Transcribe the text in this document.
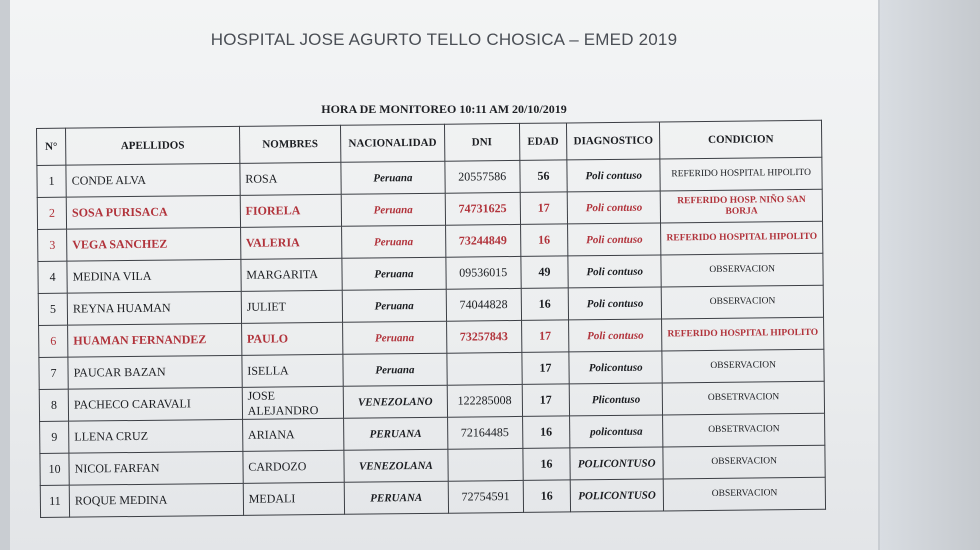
HOSPITAL JOSE AGURTO TELLO CHOSICA – EMED 2019
HORA DE MONITOREO 10:11 AM 20/10/2019
N°	APELLIDOS	NOMBRES	NACIONALIDAD	DNI	EDAD	DIAGNOSTICO	CONDICION
1	CONDE ALVA	ROSA	Peruana	20557586	56	Poli contuso	REFERIDO HOSPITAL HIPOLITO
2	SOSA PURISACA	FIORELA	Peruana	74731625	17	Poli contuso	REFERIDO HOSP. NIÑO SAN BORJA
3	VEGA SANCHEZ	VALERIA	Peruana	73244849	16	Poli contuso	REFERIDO HOSPITAL HIPOLITO
4	MEDINA VILA	MARGARITA	Peruana	09536015	49	Poli contuso	OBSERVACION
5	REYNA HUAMAN	JULIET	Peruana	74044828	16	Poli contuso	OBSERVACION
6	HUAMAN FERNANDEZ	PAULO	Peruana	73257843	17	Poli contuso	REFERIDO HOSPITAL HIPOLITO
7	PAUCAR BAZAN	ISELLA	Peruana		17	Policontuso	OBSERVACION
8	PACHECO CARAVALI	JOSE ALEJANDRO	VENEZOLANO	122285008	17	Plicontuso	OBSETRVACION
9	LLENA CRUZ	ARIANA	PERUANA	72164485	16	policontusa	OBSETRVACION
10	NICOL FARFAN	CARDOZO	VENEZOLANA		16	POLICONTUSO	OBSERVACION
11	ROQUE MEDINA	MEDALI	PERUANA	72754591	16	POLICONTUSO	OBSERVACION
